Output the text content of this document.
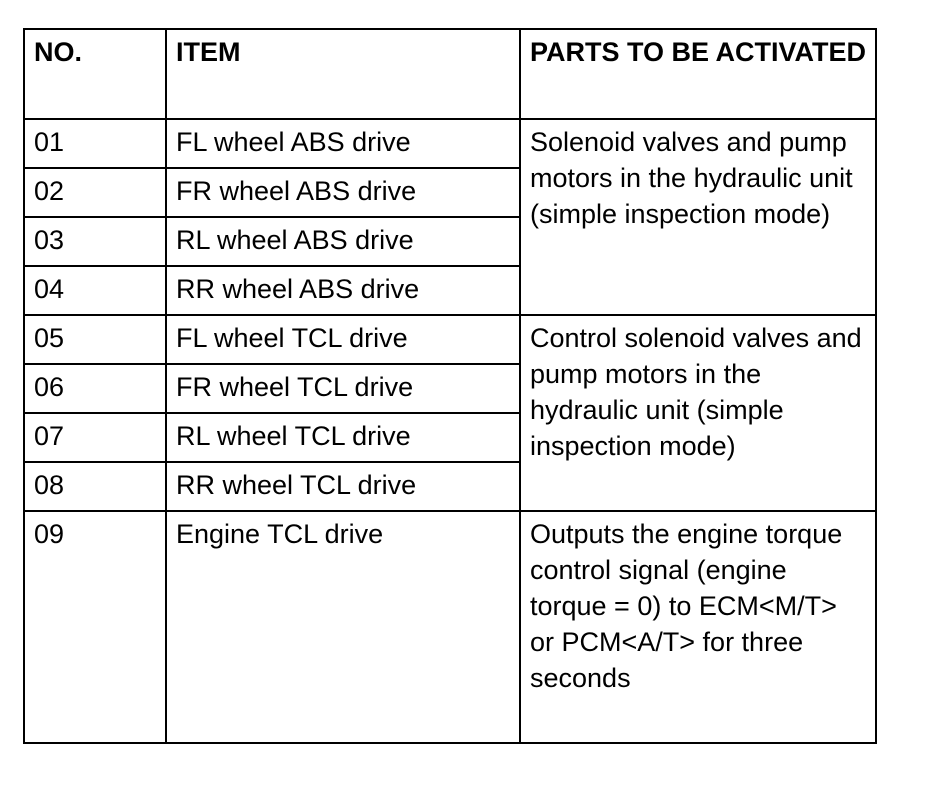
NO.	ITEM	PARTS TO BE ACTIVATED
01	FL wheel ABS drive	Solenoid valves and pump motors in the hydraulic unit (simple inspection mode)
02	FR wheel ABS drive	
03	RL wheel ABS drive	
04	RR wheel ABS drive	
05	FL wheel TCL drive	Control solenoid valves and pump motors in the hydraulic unit (simple inspection mode)
06	FR wheel TCL drive	
07	RL wheel TCL drive	
08	RR wheel TCL drive	
09	Engine TCL drive	Outputs the engine torque control signal (engine torque = 0) to ECM<M/T> or PCM<A/T> for three seconds
